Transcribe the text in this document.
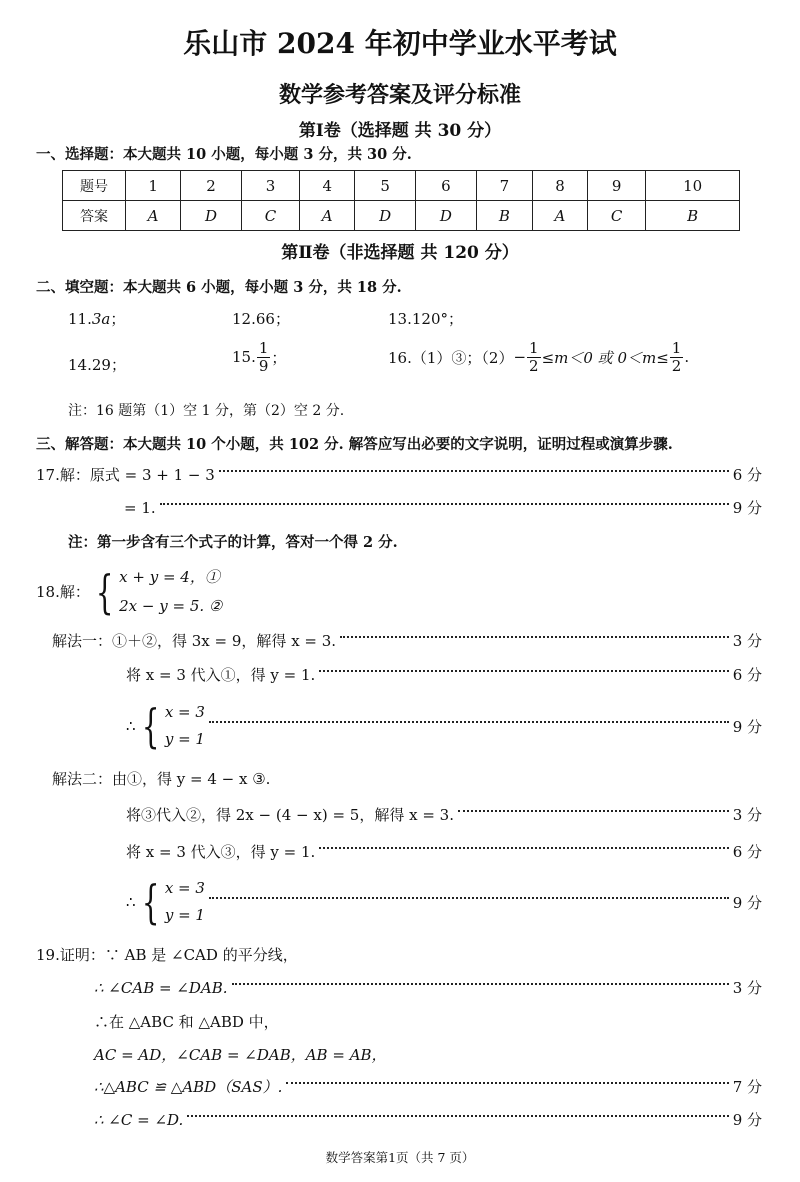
乐山市 2024 年初中学业水平考试
数学参考答案及评分标准
第Ⅰ卷（选择题 共 30 分）
一、选择题：本大题共 10 小题，每小题 3 分，共 30 分.
题号	1	2	3	4	5	6	7	8	9	10
答案	A	D	C	A	D	D	B	A	C	B
第Ⅱ卷（非选择题 共 120 分）
二、填空题：本大题共 6 小题，每小题 3 分，共 18 分.
11.3a；	12.66；	13.120°；
14.29；	15. $\frac{1}{9}$ ；	16.（1）③；$(2) - \frac{1}{2} \le m<0$ 或 $0<m\le \frac{1}{2}$ .
注：16 题第（1）空 1 分，第（2）空 2 分.
三、解答题：本大题共 10 个小题，共 102 分. 解答应写出必要的文字说明，证明过程或演算步骤.
17.解：原式 = 3 + 1 − 3	6 分
= 1.	9 分
注：第一步含有三个式子的计算，答对一个得 2 分.
18.解： { x + y = 4，①
2x − y = 5. ②
解法一：①＋②，得 3x = 9，解得 x = 3.	3 分
将 x = 3 代入①，得 y = 1.	6 分
∴ { x = 3
y = 1
9 分
解法二：由①，得 y = 4 − x ③.
将③代入②，得 2x − (4 − x) = 5，解得 x = 3.	3 分
将 x = 3 代入③，得 y = 1.	6 分
∴ { x = 3
y = 1
9 分
19.证明：∵ AB 是 ∠CAD 的平分线，
∴ ∠CAB = ∠DAB.	3 分
∴在 △ABC 和 △ABD 中，
AC = AD，∠CAB = ∠DAB，AB = AB，
∴△ABC ≌ △ABD（SAS）.	7 分
∴ ∠C = ∠D.	9 分
数学答案第1页（共 7 页）
